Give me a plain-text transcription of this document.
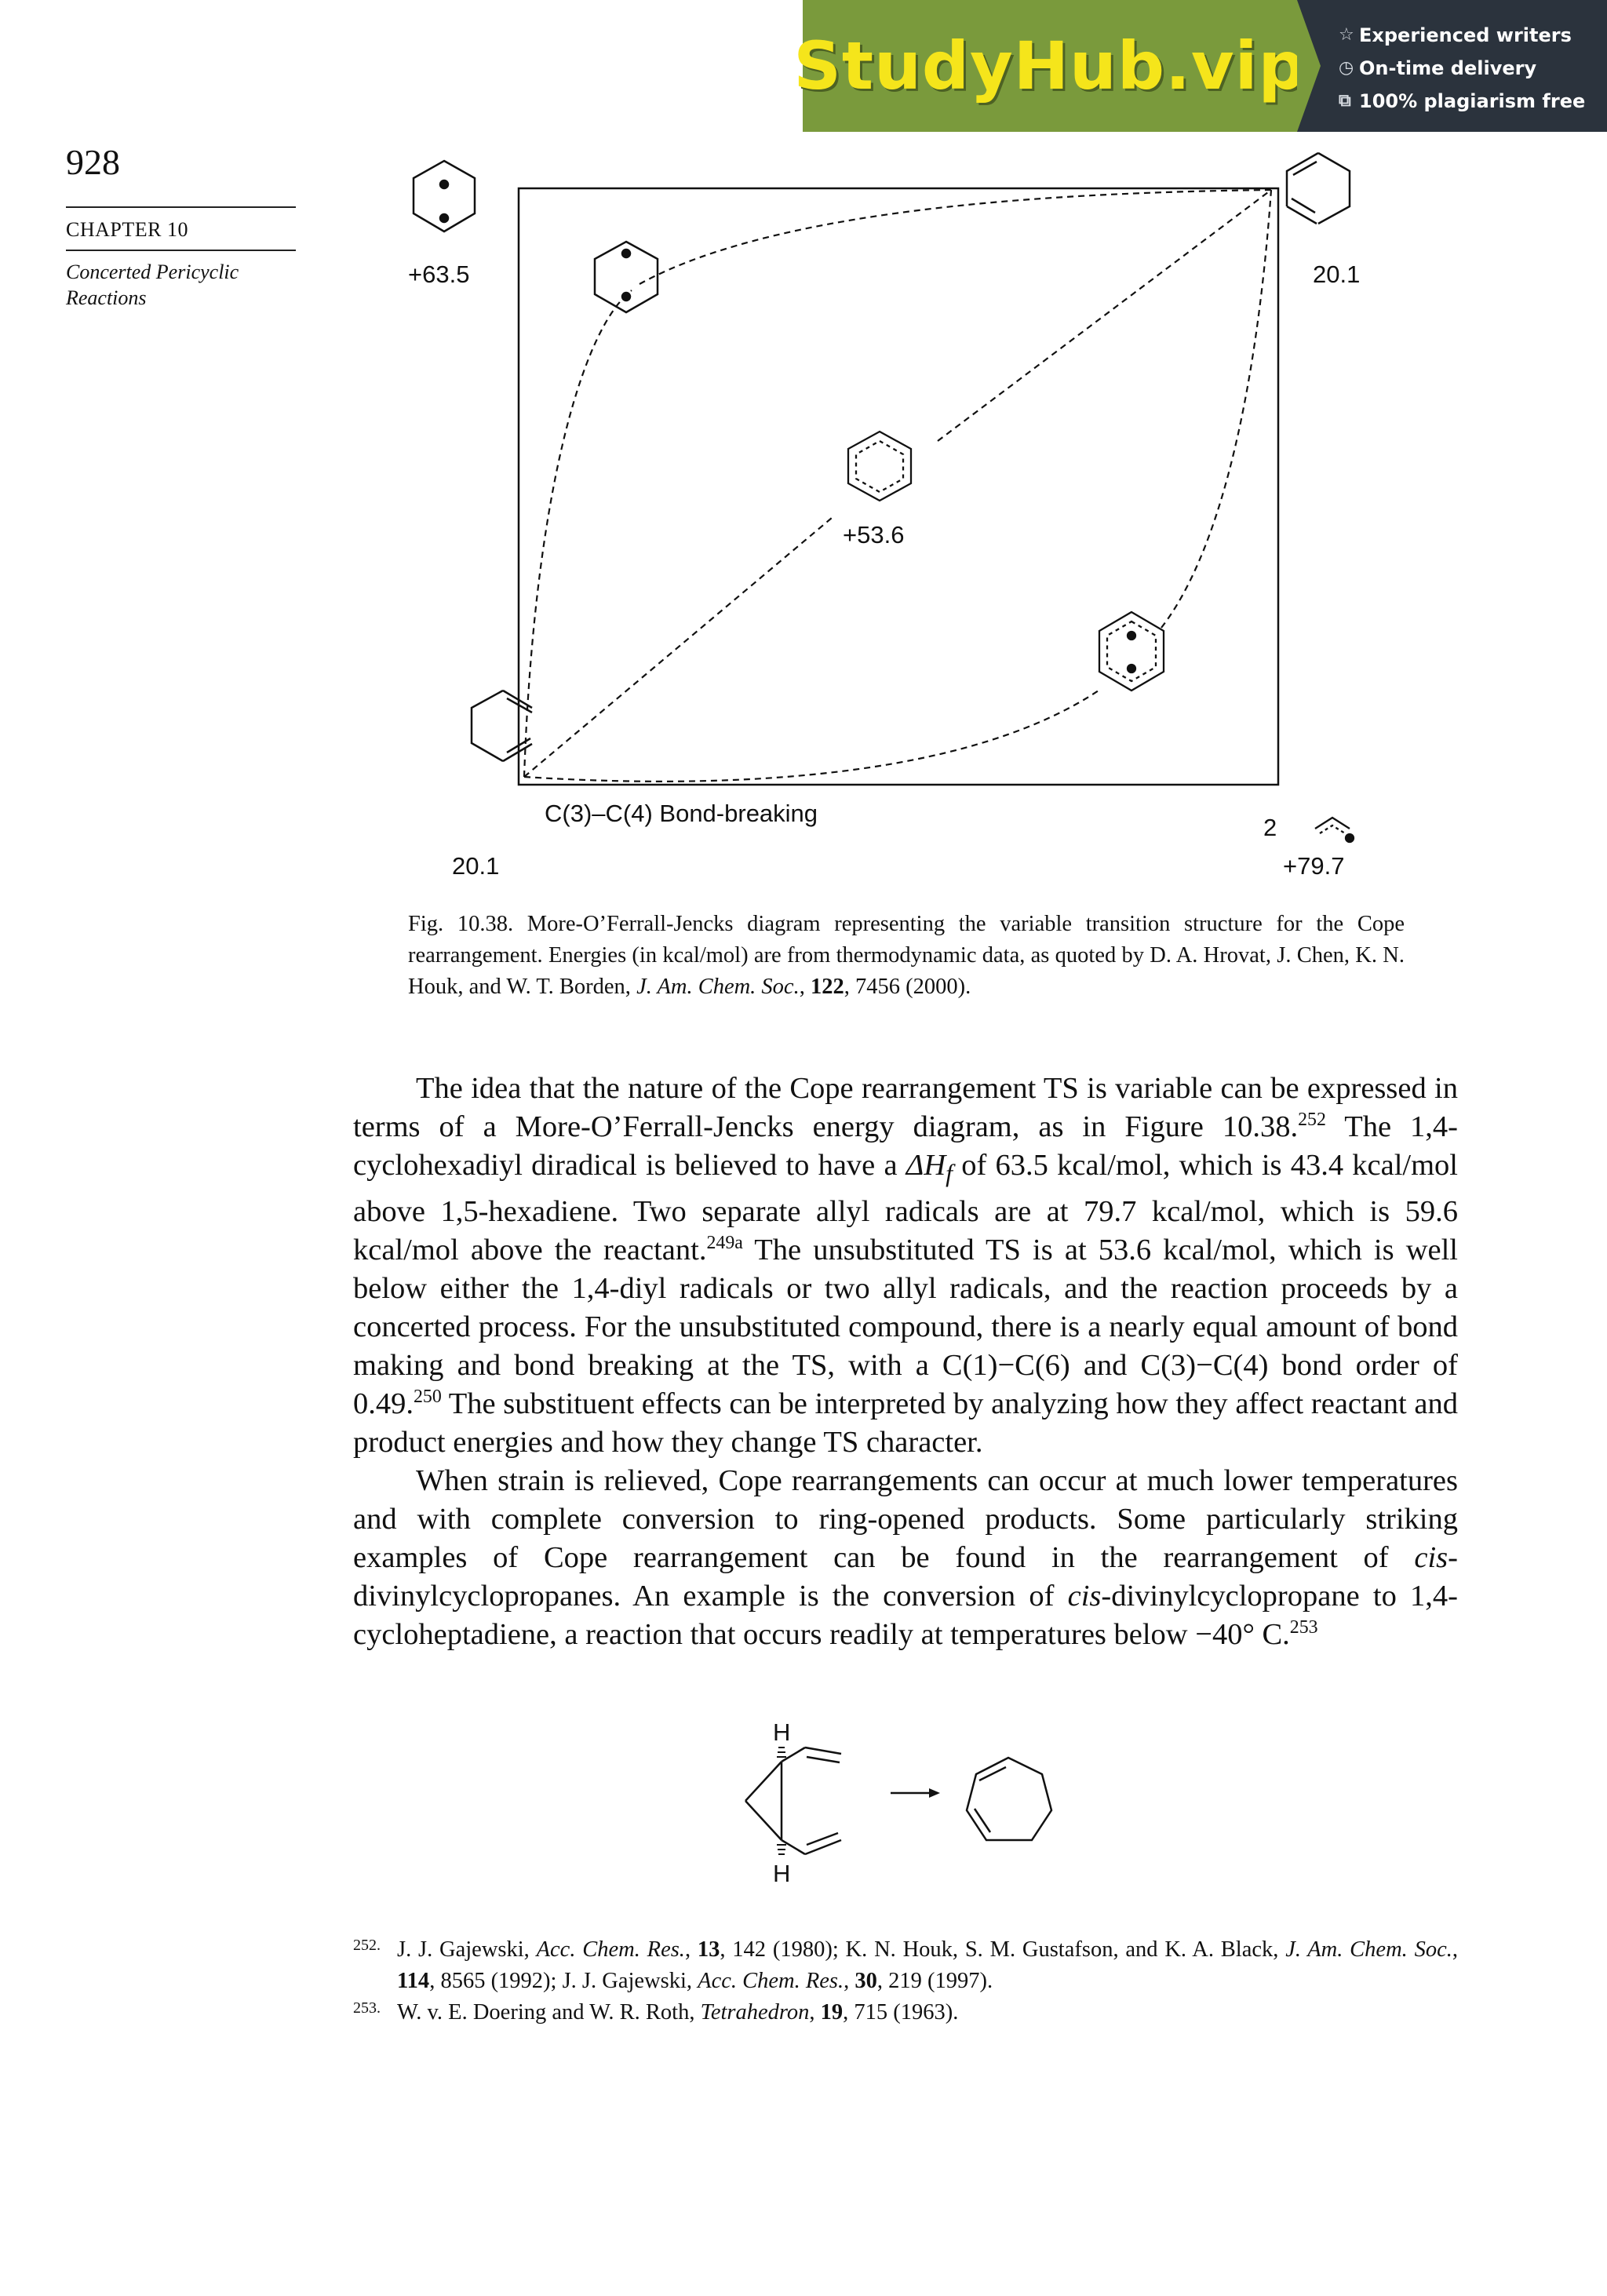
StudyHub.vip ☆ Experienced writers
◷ On-time delivery
⧉ 100% plagiarism free
928
CHAPTER 10
Concerted Pericyclic Reactions
+63.5	20.1
+53.6
C(3)–C(4) Bond-breaking
20.1
2
+79.7
Fig. 10.38. More-O’Ferrall-Jencks diagram representing the variable transition structure for the Cope rearrangement. Energies (in kcal/mol) are from thermodynamic data, as quoted by D. A. Hrovat, J. Chen, K. N. Houk, and W. T. Borden, J. Am. Chem. Soc., 122, 7456 (2000).

The idea that the nature of the Cope rearrangement TS is variable can be expressed in terms of a More-O’Ferrall-Jencks energy diagram, as in Figure 10.38.$^{252}$ The 1,4-cyclohexadiyl diradical is believed to have a $\Delta H_f$ of 63.5 kcal/mol, which is 43.4 kcal/mol above 1,5-hexadiene. Two separate allyl radicals are at 79.7 kcal/mol, which is 59.6 kcal/mol above the reactant.$^{249a}$ The unsubstituted TS is at 53.6 kcal/mol, which is well below either the 1,4-diyl radicals or two allyl radicals, and the reaction proceeds by a concerted process. For the unsubstituted compound, there is a nearly equal amount of bond making and bond breaking at the TS, with a C(1)−C(6) and C(3)−C(4) bond order of 0.49.$^{250}$ The substituent effects can be interpreted by analyzing how they affect reactant and product energies and how they change TS character.

When strain is relieved, Cope rearrangements can occur at much lower temperatures and with complete conversion to ring-opened products. Some particularly striking examples of Cope rearrangement can be found in the rearrangement of cis-divinylcyclopropanes. An example is the conversion of cis-divinylcyclopropane to 1,4-cycloheptadiene, a reaction that occurs readily at temperatures below −40° C.$^{253}$

H
H
252. J. J. Gajewski, Acc. Chem. Res., 13, 142 (1980); K. N. Houk, S. M. Gustafson, and K. A. Black, J. Am. Chem. Soc., 114, 8565 (1992); J. J. Gajewski, Acc. Chem. Res., 30, 219 (1997).
253. W. v. E. Doering and W. R. Roth, Tetrahedron, 19, 715 (1963).
